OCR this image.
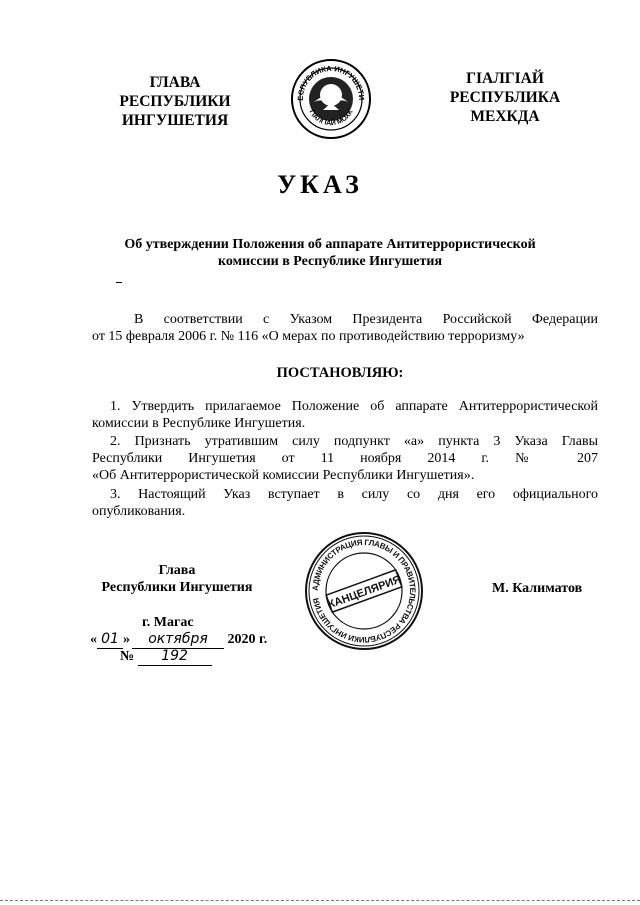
ГЛАВА
РЕСПУБЛИКИ
ИНГУШЕТИЯ
ЕСПУБЛИКА ИНГУШЕТИ
ГIАЛГIАЙ МОХК
ГIАЛГIАЙ
РЕСПУБЛИКА
МЕХКДА
УКАЗ
Об утверждении Положения об аппарате Антитеррористической
комиссии в Республике Ингушетия
В соответствии с Указом Президента Российской Федерации
от 15 февраля 2006 г. № 116 «О мерах по противодействию терроризму»
ПОСТАНОВЛЯЮ:
1. Утвердить прилагаемое Положение об аппарате Антитеррористической
комиссии в Республике Ингушетия.
2. Признать утратившим силу подпункт «а» пункта 3 Указа Главы
Республики Ингушетия от 11 ноября 2014 г. № 207
«Об Антитеррористической комиссии Республики Ингушетия».
3. Настоящий Указ вступает в силу со дня его официального
опубликования.
Глава
Республики Ингушетия	М. Калиматов
г. Магас
« 01 » октября 2020 г.
№ 192
АДМИНИСТРАЦИЯ ГЛАВЫ И ПРАВИТЕЛЬСТВА РЕСПУБЛИКИ ИНГУШЕТИЯ КАНЦЕЛЯРИЯ
